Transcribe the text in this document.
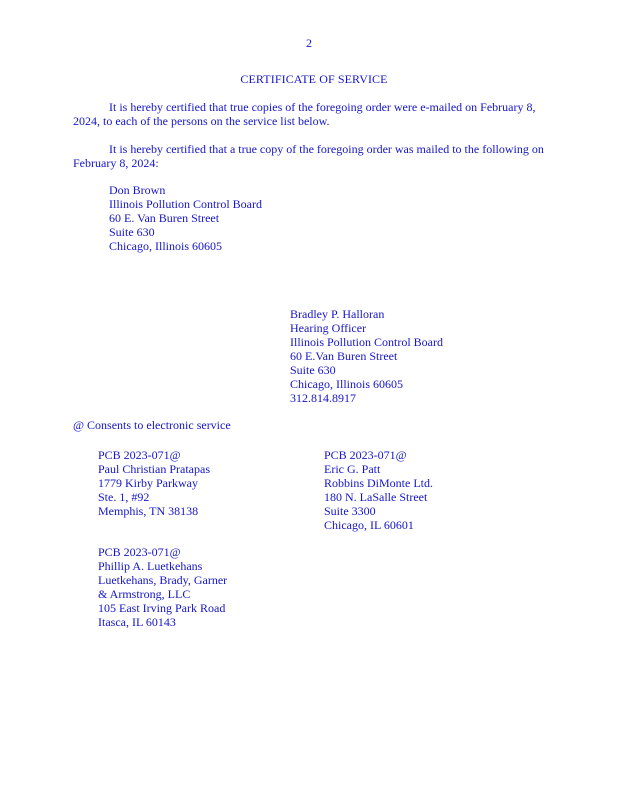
2
CERTIFICATE OF SERVICE

It is hereby certified that true copies of the foregoing order were e-mailed on February 8, 2024, to each of the persons on the service list below.

It is hereby certified that a true copy of the foregoing order was mailed to the following on February 8, 2024:

Don Brown
Illinois Pollution Control Board
60 E. Van Buren Street
Suite 630
Chicago, Illinois 60605
Bradley P. Halloran
Hearing Officer
Illinois Pollution Control Board
60 E.Van Buren Street
Suite 630
Chicago, Illinois 60605
312.814.8917
@ Consents to electronic service
PCB 2023-071@
Paul Christian Pratapas
1779 Kirby Parkway
Ste. 1, #92
Memphis, TN 38138
PCB 2023-071@
Eric G. Patt
Robbins DiMonte Ltd.
180 N. LaSalle Street
Suite 3300
Chicago, IL 60601
PCB 2023-071@
Phillip A. Luetkehans
Luetkehans, Brady, Garner
& Armstrong, LLC
105 East Irving Park Road
Itasca, IL 60143
